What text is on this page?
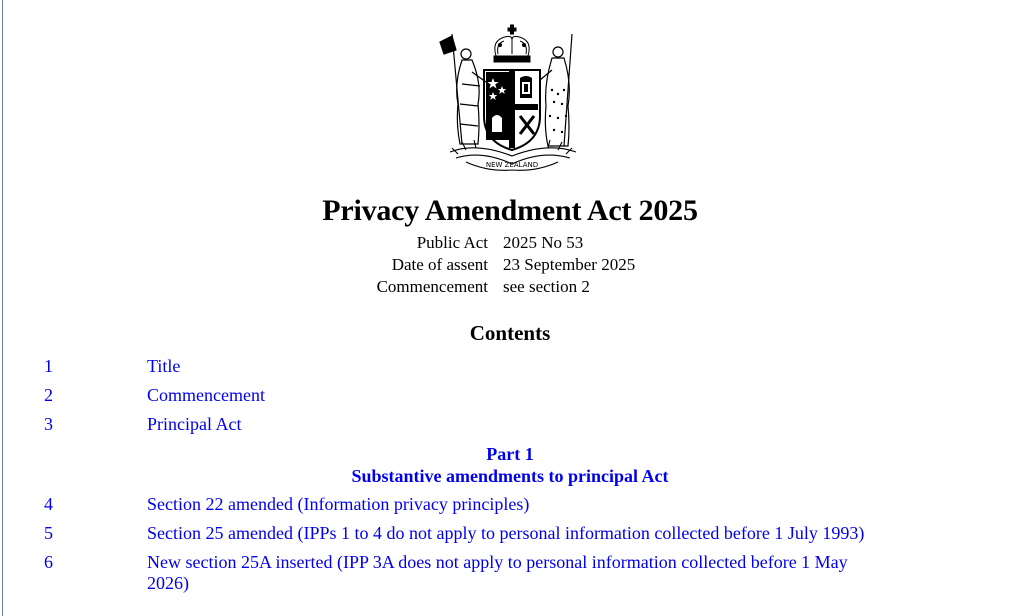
NEW ZEALAND
Privacy Amendment Act 2025
Public Act 2025 No 53
Date of assent 23 September 2025
Commencement see section 2
Contents
1	Title
2	Commencement
3	Principal Act
Part 1
Substantive amendments to principal Act
4	Section 22 amended (Information privacy principles)
5	Section 25 amended (IPPs 1 to 4 do not apply to personal information collected before 1 July 1993)
6	New section 25A inserted (IPP 3A does not apply to personal information collected before 1 May 2026)
